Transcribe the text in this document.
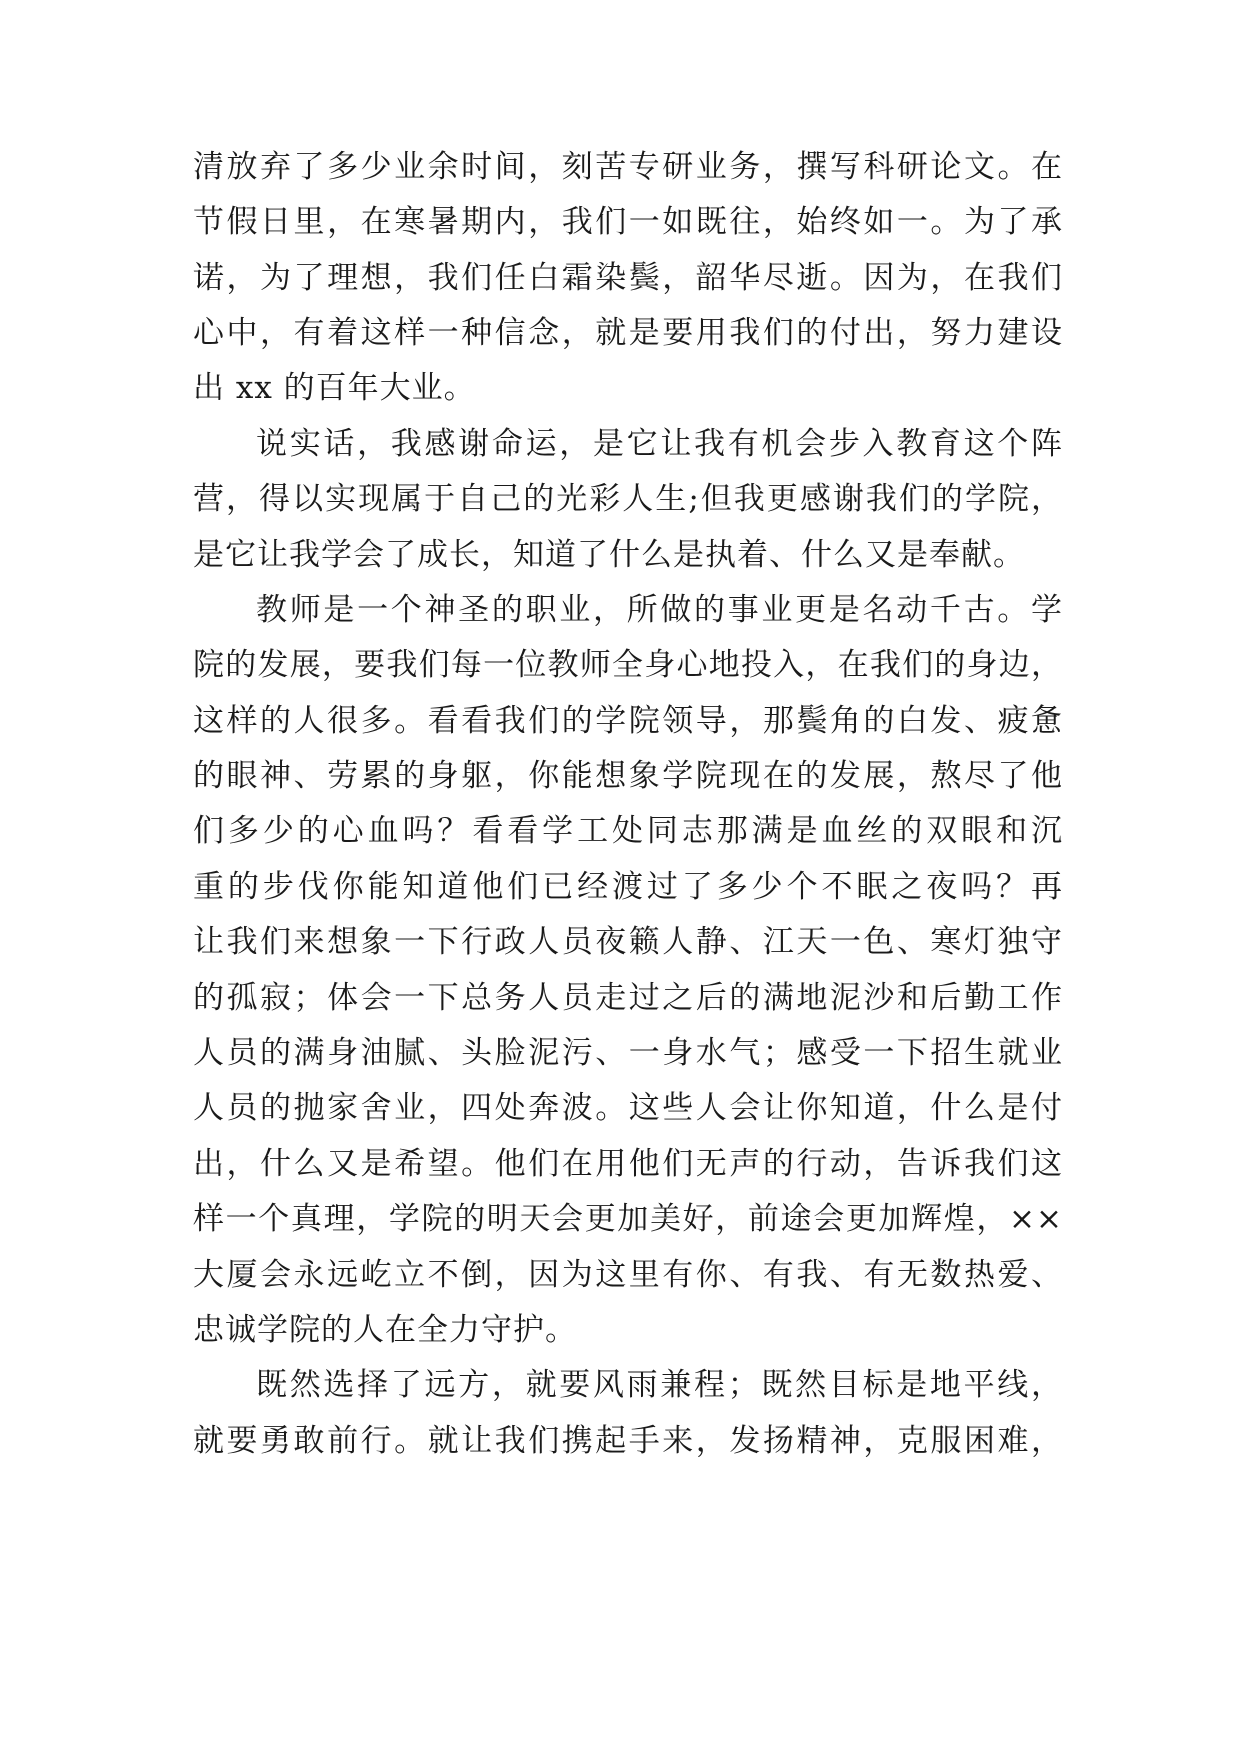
清放弃了多少业余时间，刻苦专研业务，撰写科研论文。在
节假日里，在寒暑期内，我们一如既往，始终如一。为了承
诺，为了理想，我们任白霜染鬓，韶华尽逝。因为，在我们
心中，有着这样一种信念，就是要用我们的付出，努力建设
出 xx 的百年大业。
说实话，我感谢命运，是它让我有机会步入教育这个阵
营，得以实现属于自己的光彩人生;但我更感谢我们的学院，
是它让我学会了成长，知道了什么是执着、什么又是奉献。
教师是一个神圣的职业，所做的事业更是名动千古。学
院的发展，要我们每一位教师全身心地投入，在我们的身边，
这样的人很多。看看我们的学院领导，那鬓角的白发、疲惫
的眼神、劳累的身躯，你能想象学院现在的发展，熬尽了他
们多少的心血吗？看看学工处同志那满是血丝的双眼和沉
重的步伐你能知道他们已经渡过了多少个不眠之夜吗？再
让我们来想象一下行政人员夜籁人静、江天一色、寒灯独守
的孤寂；体会一下总务人员走过之后的满地泥沙和后勤工作
人员的满身油腻、头脸泥污、一身水气；感受一下招生就业
人员的抛家舍业，四处奔波。这些人会让你知道，什么是付
出，什么又是希望。他们在用他们无声的行动，告诉我们这
样一个真理，学院的明天会更加美好，前途会更加辉煌，××
大厦会永远屹立不倒，因为这里有你、有我、有无数热爱、
忠诚学院的人在全力守护。
既然选择了远方，就要风雨兼程；既然目标是地平线，
就要勇敢前行。就让我们携起手来，发扬精神，克服困难，
